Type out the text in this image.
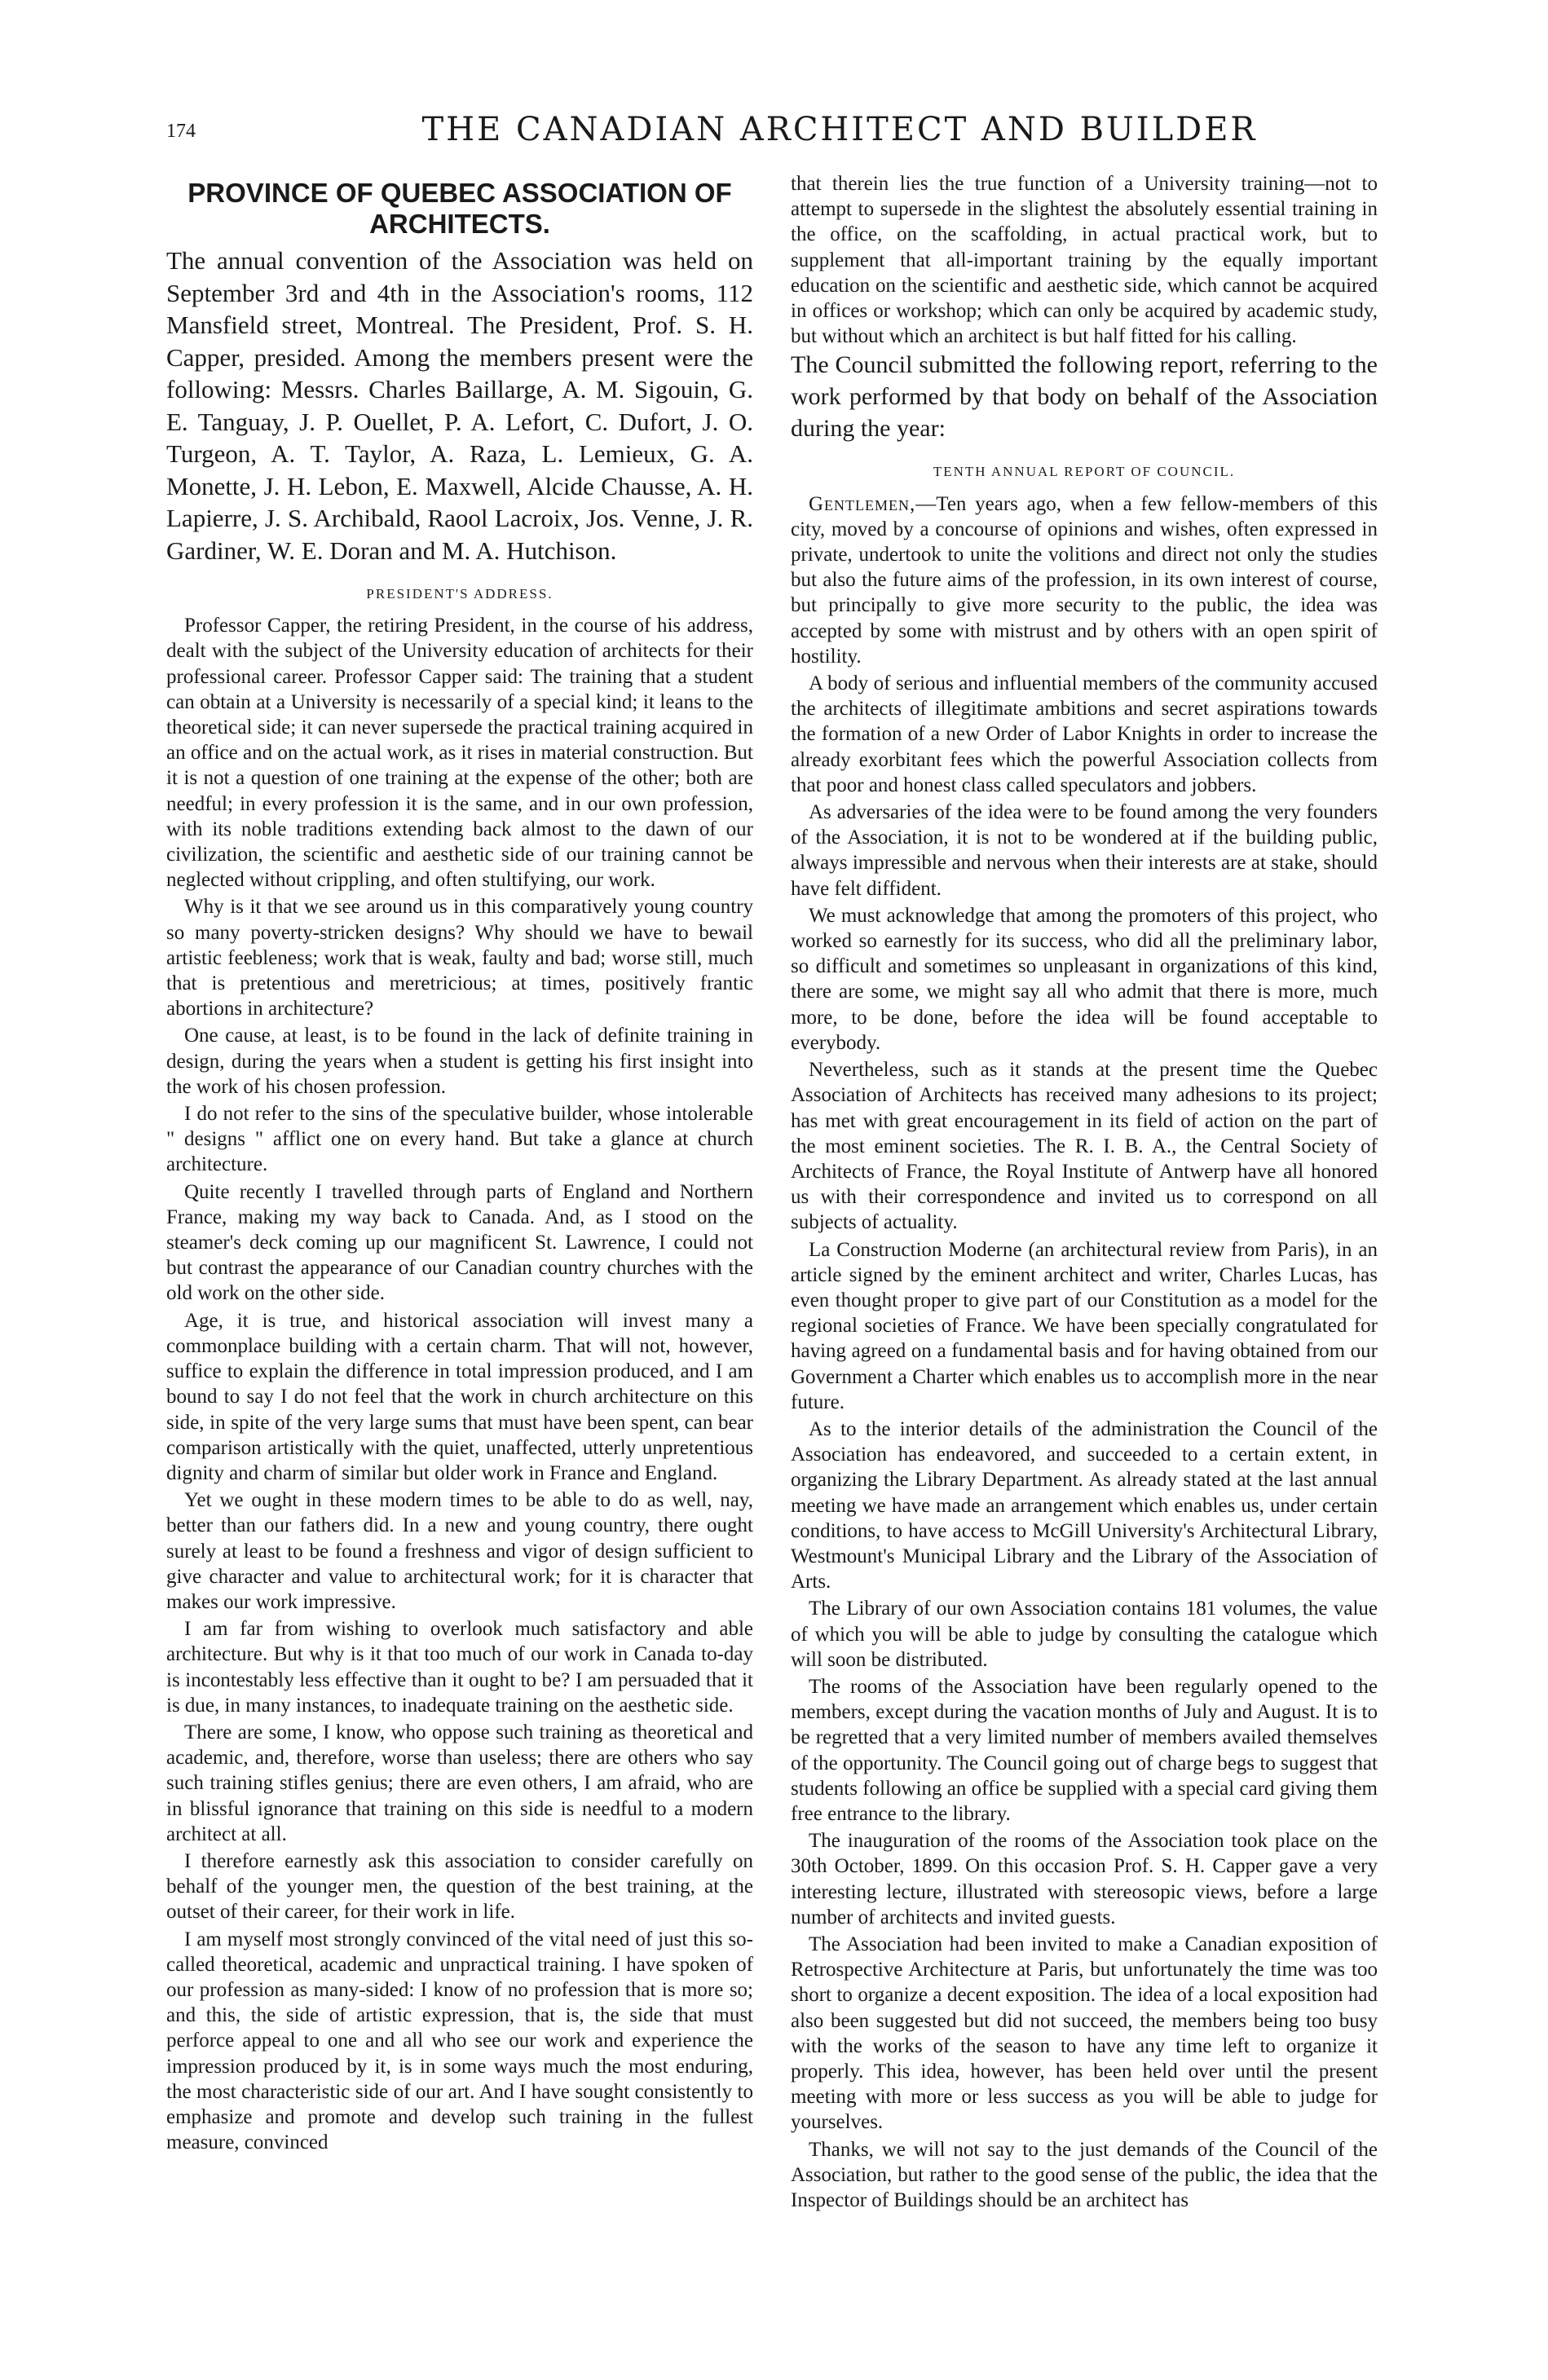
174	THE CANADIAN ARCHITECT AND BUILDER
PROVINCE OF QUEBEC ASSOCIATION OF ARCHITECTS.

The annual convention of the Association was held on September 3rd and 4th in the Association's rooms, 112 Mansfield street, Montreal. The President, Prof. S. H. Capper, presided. Among the members present were the following: Messrs. Charles Baillarge, A. M. Sigouin, G. E. Tanguay, J. P. Ouellet, P. A. Lefort, C. Dufort, J. O. Turgeon, A. T. Taylor, A. Raza, L. Lemieux, G. A. Monette, J. H. Lebon, E. Maxwell, Alcide Chausse, A. H. Lapierre, J. S. Archibald, Raool Lacroix, Jos. Venne, J. R. Gardiner, W. E. Doran and M. A. Hutchison.

PRESIDENT'S ADDRESS.

Professor Capper, the retiring President, in the course of his address, dealt with the subject of the University education of architects for their professional career. Professor Capper said: The training that a student can obtain at a University is necessarily of a special kind; it leans to the theoretical side; it can never supersede the practical training acquired in an office and on the actual work, as it rises in material construction. But it is not a question of one training at the expense of the other; both are needful; in every profession it is the same, and in our own profession, with its noble traditions extending back almost to the dawn of our civilization, the scientific and aesthetic side of our training cannot be neglected without crippling, and often stultifying, our work.

Why is it that we see around us in this comparatively young country so many poverty-stricken designs? Why should we have to bewail artistic feebleness; work that is weak, faulty and bad; worse still, much that is pretentious and meretricious; at times, positively frantic abortions in architecture?

One cause, at least, is to be found in the lack of definite training in design, during the years when a student is getting his first insight into the work of his chosen profession.

I do not refer to the sins of the speculative builder, whose intolerable " designs " afflict one on every hand. But take a glance at church architecture.

Quite recently I travelled through parts of England and Northern France, making my way back to Canada. And, as I stood on the steamer's deck coming up our magnificent St. Lawrence, I could not but contrast the appearance of our Canadian country churches with the old work on the other side.

Age, it is true, and historical association will invest many a commonplace building with a certain charm. That will not, however, suffice to explain the difference in total impression produced, and I am bound to say I do not feel that the work in church architecture on this side, in spite of the very large sums that must have been spent, can bear comparison artistically with the quiet, unaffected, utterly unpretentious dignity and charm of similar but older work in France and England.

Yet we ought in these modern times to be able to do as well, nay, better than our fathers did. In a new and young country, there ought surely at least to be found a freshness and vigor of design sufficient to give character and value to architectural work; for it is character that makes our work impressive.

I am far from wishing to overlook much satisfactory and able architecture. But why is it that too much of our work in Canada to-day is incontestably less effective than it ought to be? I am persuaded that it is due, in many instances, to inadequate training on the aesthetic side.

There are some, I know, who oppose such training as theoretical and academic, and, therefore, worse than useless; there are others who say such training stifles genius; there are even others, I am afraid, who are in blissful ignorance that training on this side is needful to a modern architect at all.

I therefore earnestly ask this association to consider carefully on behalf of the younger men, the question of the best training, at the outset of their career, for their work in life.

I am myself most strongly convinced of the vital need of just this so-called theoretical, academic and unpractical training. I have spoken of our profession as many-sided: I know of no profession that is more so; and this, the side of artistic expression, that is, the side that must perforce appeal to one and all who see our work and experience the impression produced by it, is in some ways much the most enduring, the most characteristic side of our art. And I have sought consistently to emphasize and promote and develop such training in the fullest measure, convinced

that therein lies the true function of a University training—not to attempt to supersede in the slightest the absolutely essential training in the office, on the scaffolding, in actual practical work, but to supplement that all-important training by the equally important education on the scientific and aesthetic side, which cannot be acquired in offices or workshop; which can only be acquired by academic study, but without which an architect is but half fitted for his calling.

The Council submitted the following report, referring to the work performed by that body on behalf of the Association during the year:

TENTH ANNUAL REPORT OF COUNCIL.

Gentlemen,—Ten years ago, when a few fellow-members of this city, moved by a concourse of opinions and wishes, often expressed in private, undertook to unite the volitions and direct not only the studies but also the future aims of the profession, in its own interest of course, but principally to give more security to the public, the idea was accepted by some with mistrust and by others with an open spirit of hostility.

A body of serious and influential members of the community accused the architects of illegitimate ambitions and secret aspirations towards the formation of a new Order of Labor Knights in order to increase the already exorbitant fees which the powerful Association collects from that poor and honest class called speculators and jobbers.

As adversaries of the idea were to be found among the very founders of the Association, it is not to be wondered at if the building public, always impressible and nervous when their interests are at stake, should have felt diffident.

We must acknowledge that among the promoters of this project, who worked so earnestly for its success, who did all the preliminary labor, so difficult and sometimes so unpleasant in organizations of this kind, there are some, we might say all who admit that there is more, much more, to be done, before the idea will be found acceptable to everybody.

Nevertheless, such as it stands at the present time the Quebec Association of Architects has received many adhesions to its project; has met with great encouragement in its field of action on the part of the most eminent societies. The R. I. B. A., the Central Society of Architects of France, the Royal Institute of Antwerp have all honored us with their correspondence and invited us to correspond on all subjects of actuality.

La Construction Moderne (an architectural review from Paris), in an article signed by the eminent architect and writer, Charles Lucas, has even thought proper to give part of our Constitution as a model for the regional societies of France. We have been specially congratulated for having agreed on a fundamental basis and for having obtained from our Government a Charter which enables us to accomplish more in the near future.

As to the interior details of the administration the Council of the Association has endeavored, and succeeded to a certain extent, in organizing the Library Department. As already stated at the last annual meeting we have made an arrangement which enables us, under certain conditions, to have access to McGill University's Architectural Library, Westmount's Municipal Library and the Library of the Association of Arts.

The Library of our own Association contains 181 volumes, the value of which you will be able to judge by consulting the catalogue which will soon be distributed.

The rooms of the Association have been regularly opened to the members, except during the vacation months of July and August. It is to be regretted that a very limited number of members availed themselves of the opportunity. The Council going out of charge begs to suggest that students following an office be supplied with a special card giving them free entrance to the library.

The inauguration of the rooms of the Association took place on the 30th October, 1899. On this occasion Prof. S. H. Capper gave a very interesting lecture, illustrated with stereosopic views, before a large number of architects and invited guests.

The Association had been invited to make a Canadian exposition of Retrospective Architecture at Paris, but unfortunately the time was too short to organize a decent exposition. The idea of a local exposition had also been suggested but did not succeed, the members being too busy with the works of the season to have any time left to organize it properly. This idea, however, has been held over until the present meeting with more or less success as you will be able to judge for yourselves.

Thanks, we will not say to the just demands of the Council of the Association, but rather to the good sense of the public, the idea that the Inspector of Buildings should be an architect has
